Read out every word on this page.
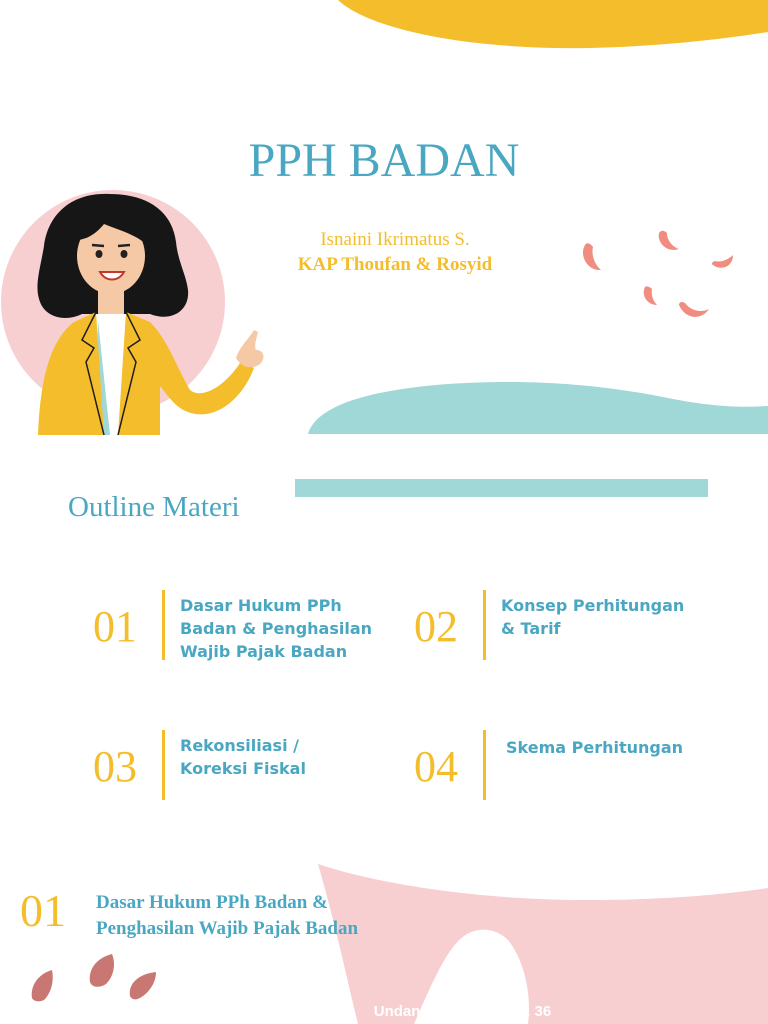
PPH BADAN
Isnaini Ikrimatus S.
KAP Thoufan & Rosyid
Outline Materi
01	Dasar Hukum PPh Badan & Penghasilan Wajib Pajak Badan
02	Konsep Perhitungan & Tarif
03	Rekonsiliasi / Koreksi Fiskal	04	Skema Perhitungan
01 Dasar Hukum PPh Badan & Penghasilan Wajib Pajak Badan
Undang – Undang No. 36
